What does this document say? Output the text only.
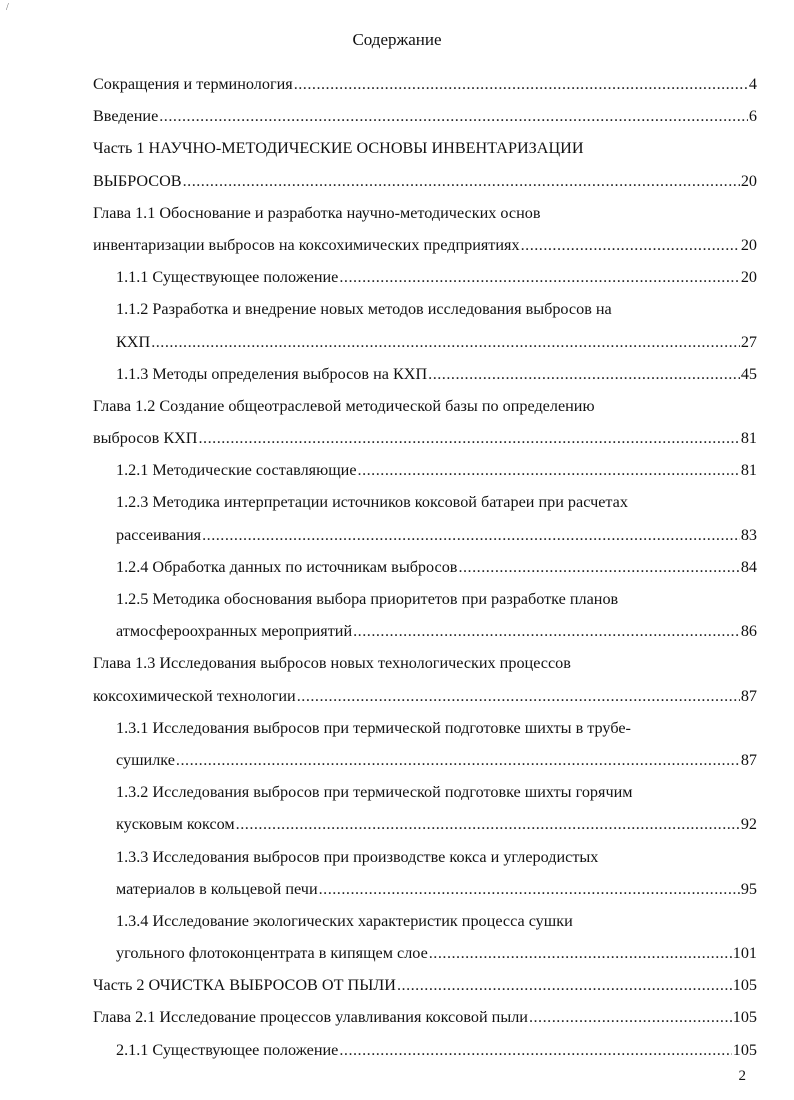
Содержание
Сокращения и терминология .....	4
Введение .....	6
Часть 1 НАУЧНО-МЕТОДИЧЕСКИЕ ОСНОВЫ ИНВЕНТАРИЗАЦИИ
ВЫБРОСОВ .....	20
Глава 1.1 Обоснование и разработка научно-методических основ
инвентаризации выбросов на коксохимических предприятиях .....	20
1.1.1 Существующее положение .....	20
1.1.2 Разработка и внедрение новых методов исследования выбросов на
КХП .....	27
1.1.3 Методы определения выбросов на КХП .....	45
Глава 1.2 Создание общеотраслевой методической базы по определению
выбросов КХП .....	81
1.2.1 Методические составляющие .....	81
1.2.3 Методика интерпретации источников коксовой батареи при расчетах
рассеивания .....	83
1.2.4 Обработка данных по источникам выбросов .....	84
1.2.5 Методика обоснования выбора приоритетов при разработке планов
атмосфероохранных мероприятий .....	86
Глава 1.3 Исследования выбросов новых технологических процессов
коксохимической технологии .....	87
1.3.1 Исследования выбросов при термической подготовке шихты в трубе-
сушилке .....	87
1.3.2 Исследования выбросов при термической подготовке шихты горячим
кусковым коксом .....	92
1.3.3 Исследования выбросов при производстве кокса и углеродистых
материалов в кольцевой печи .....	95
1.3.4 Исследование экологических характеристик процесса сушки
угольного флотоконцентрата в кипящем слое .....	101
Часть 2 ОЧИСТКА ВЫБРОСОВ ОТ ПЫЛИ .....	105
Глава 2.1 Исследование процессов улавливания коксовой пыли .....	105
2.1.1 Существующее положение .....	105
2
/
